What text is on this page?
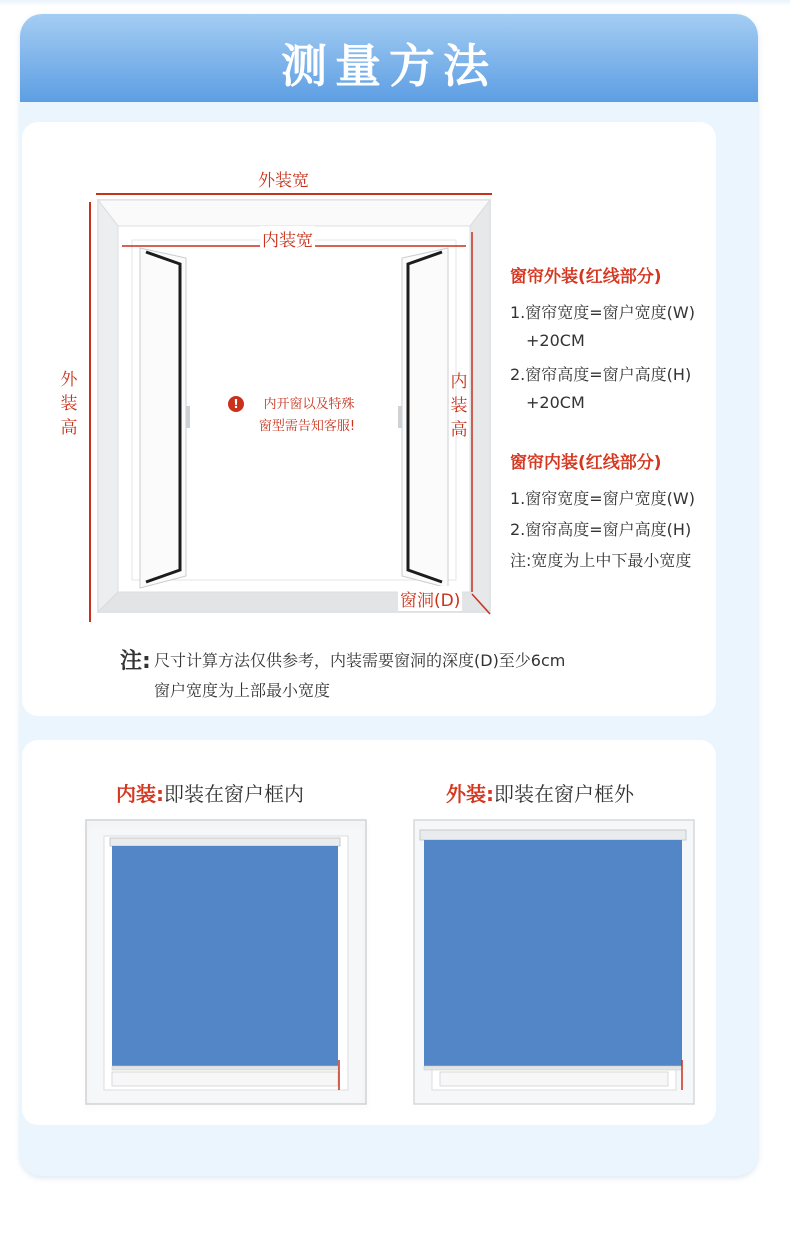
测量方法
外装宽
内装宽
外
装
高
内
装
高
窗洞(D)
!	内开窗以及特殊
窗型需告知客服!
窗帘外装(红线部分)
1.窗帘宽度=窗户宽度(W)
+20CM
2.窗帘高度=窗户高度(H)
+20CM
窗帘内装(红线部分)
1.窗帘宽度=窗户宽度(W)
2.窗帘高度=窗户高度(H)
注:宽度为上中下最小宽度
注: 尺寸计算方法仅供参考，内装需要窗洞的深度(D)至少6cm
窗户宽度为上部最小宽度
内装:即装在窗户框内	外装:即装在窗户框外
